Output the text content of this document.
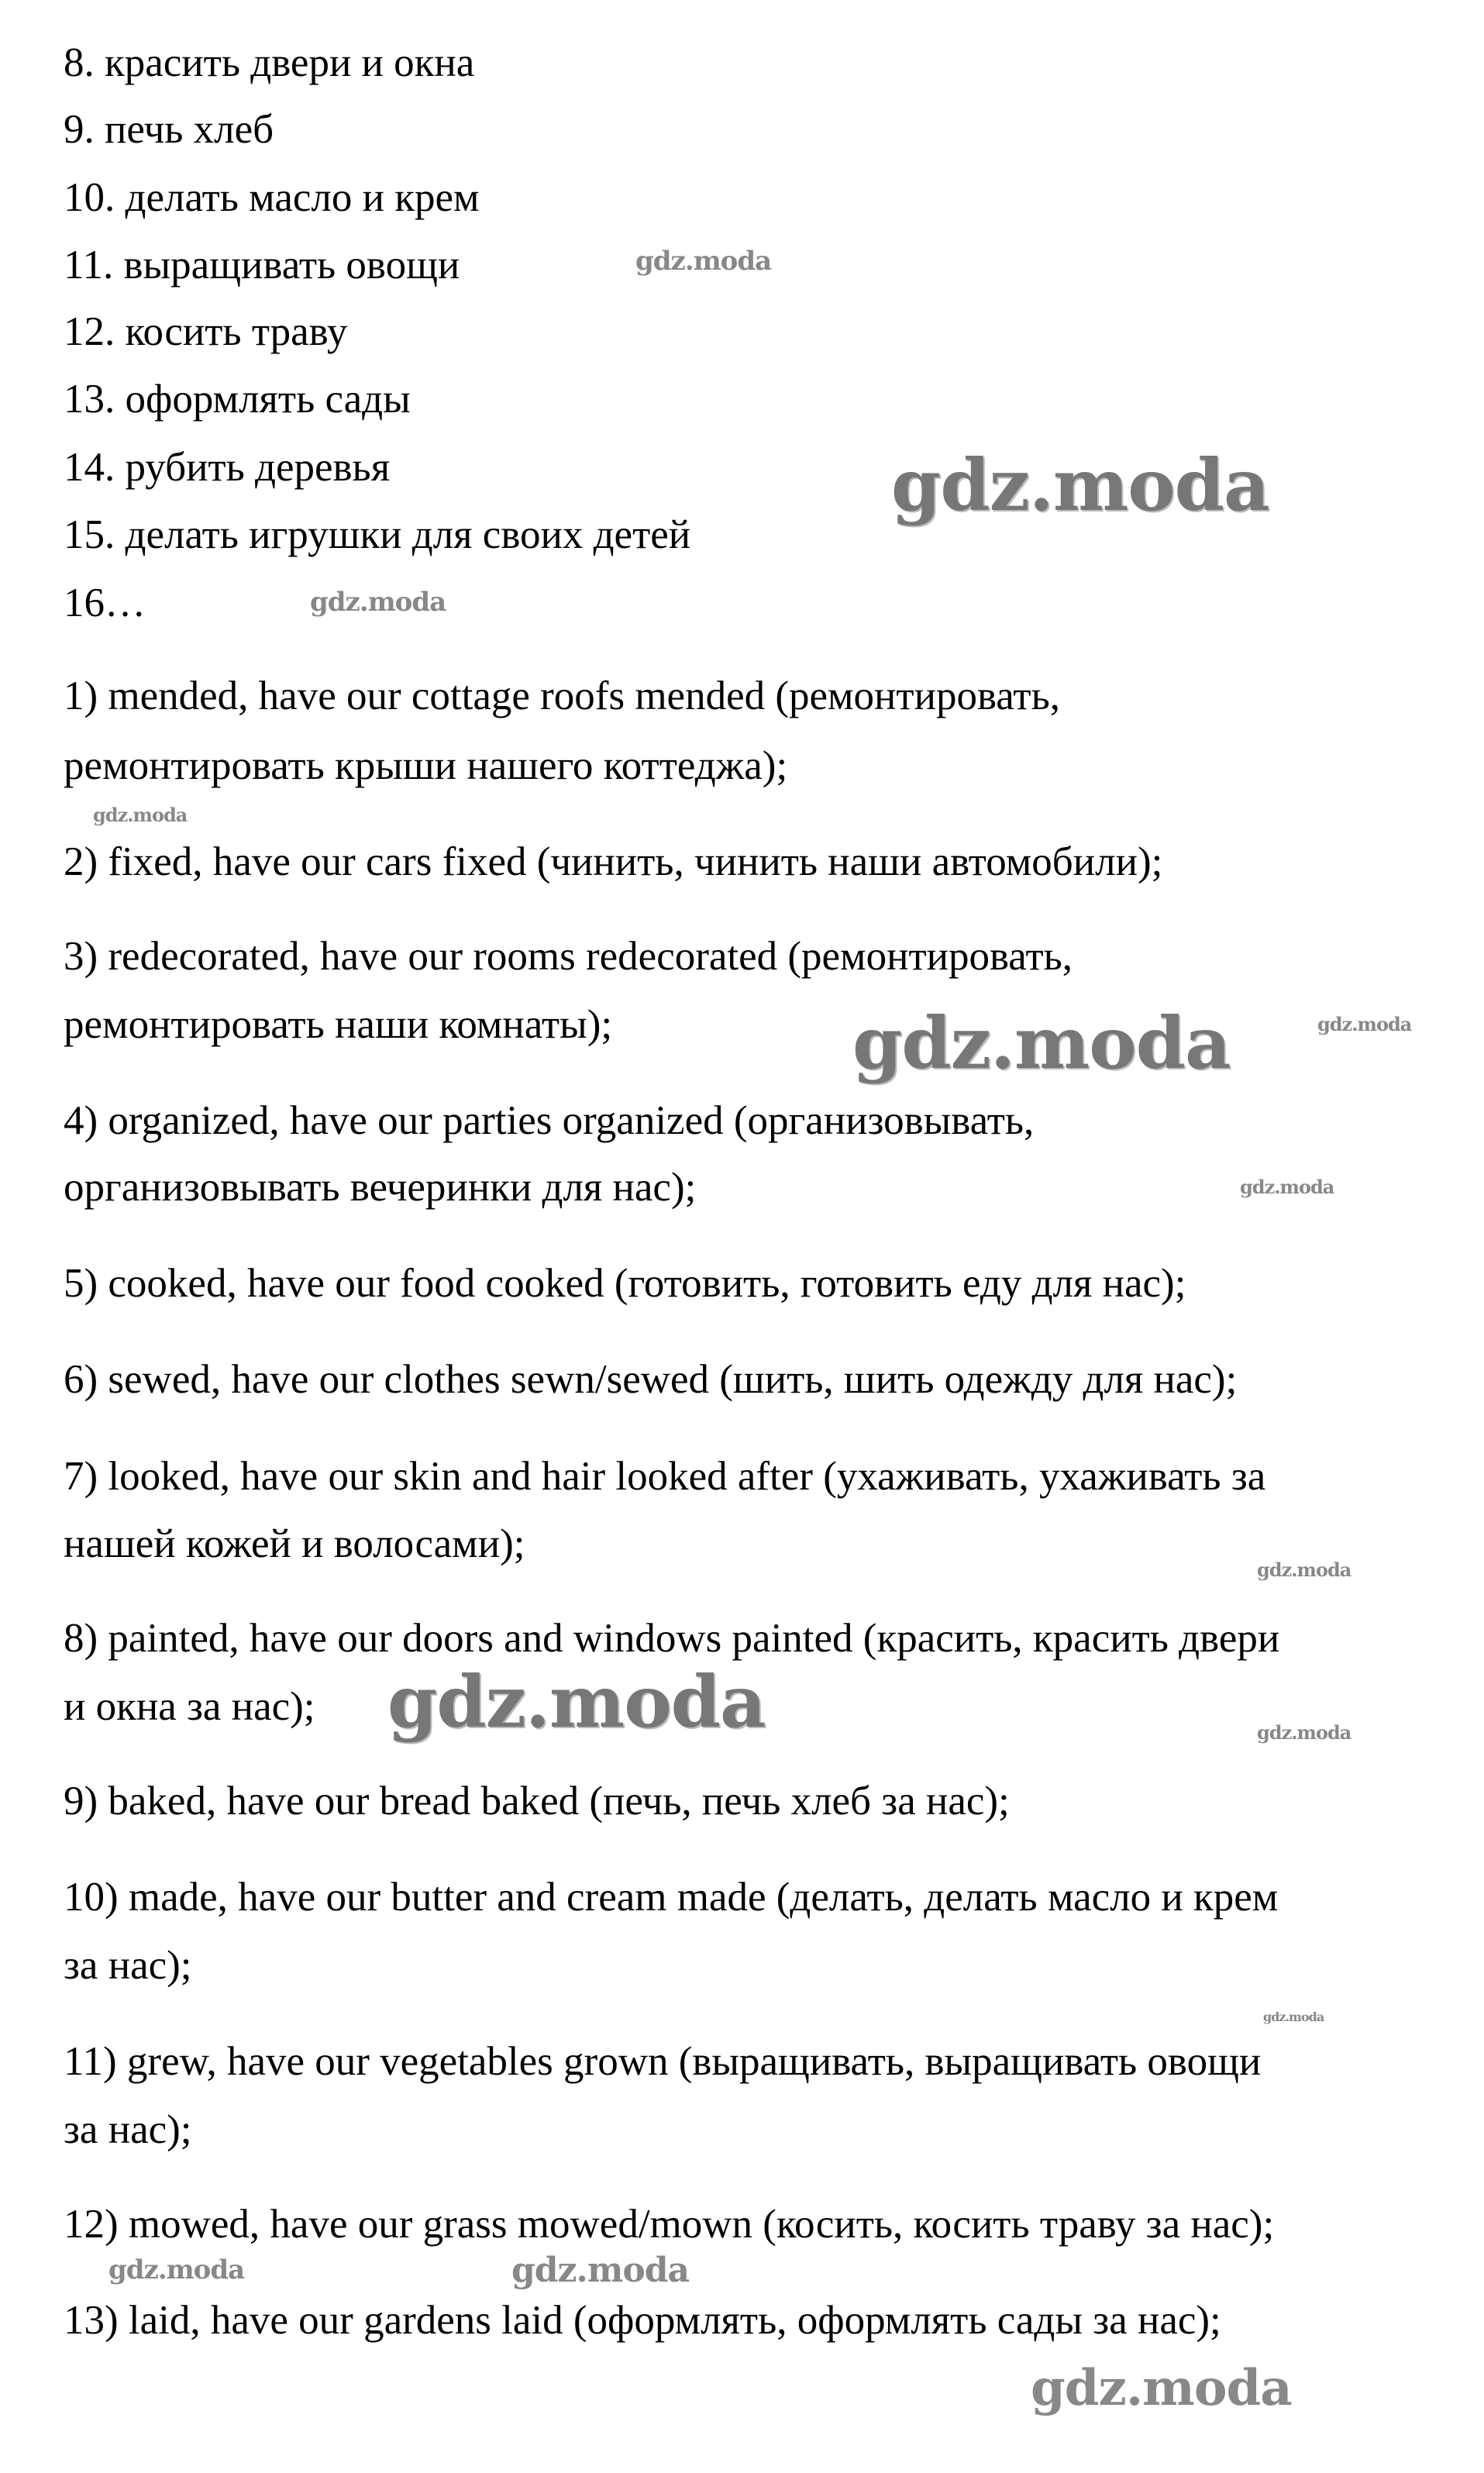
8. красить двери и окна
9. печь хлеб
10. делать масло и крем
11. выращивать овощи
12. косить траву
13. оформлять сады
14. рубить деревья
15. делать игрушки для своих детей
16…
1) mended, have our cottage roofs mended (ремонтировать,
ремонтировать крыши нашего коттеджа);
2) fixed, have our cars fixed (чинить, чинить наши автомобили);
3) redecorated, have our rooms redecorated (ремонтировать,
ремонтировать наши комнаты);
4) organized, have our parties organized (организовывать,
организовывать вечеринки для нас);
5) cooked, have our food cooked (готовить, готовить еду для нас);
6) sewed, have our clothes sewn/sewed (шить, шить одежду для нас);
7) looked, have our skin and hair looked after (ухаживать, ухаживать за
нашей кожей и волосами);
8) painted, have our doors and windows painted (красить, красить двери
и окна за нас);
9) baked, have our bread baked (печь, печь хлеб за нас);
10) made, have our butter and cream made (делать, делать масло и крем
за нас);
11) grew, have our vegetables grown (выращивать, выращивать овощи
за нас);
12) mowed, have our grass mowed/mown (косить, косить траву за нас);
13) laid, have our gardens laid (оформлять, оформлять сады за нас);
gdz.moda
gdz.moda
gdz.moda
gdz.moda
gdz.moda
gdz.moda
gdz.moda
gdz.moda
gdz.moda
gdz.moda
gdz.moda
gdz.moda
gdz.moda	gdz.moda
